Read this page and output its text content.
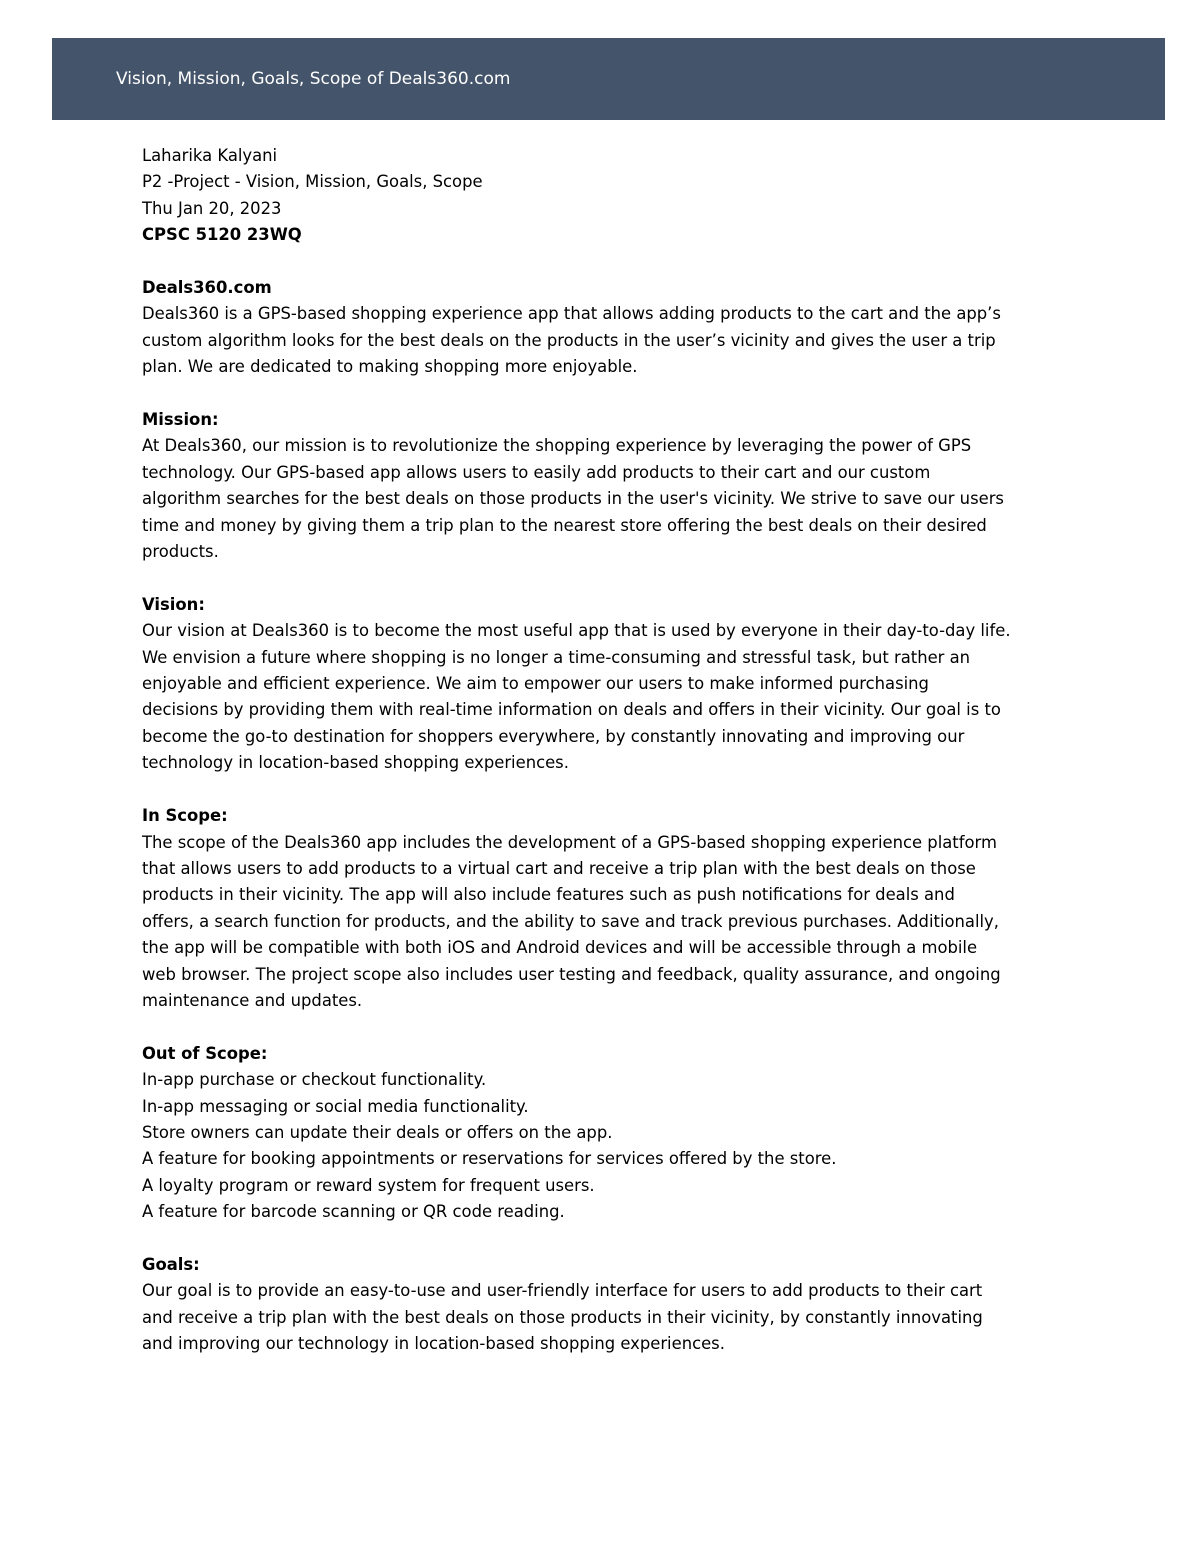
Vision, Mission, Goals, Scope of Deals360.com
Laharika Kalyani
P2 -Project - Vision, Mission, Goals, Scope
Thu Jan 20, 2023
CPSC 5120 23WQ
Deals360.com

Deals360 is a GPS-based shopping experience app that allows adding products to the cart and the app’s
custom algorithm looks for the best deals on the products in the user’s vicinity and gives the user a trip
plan. We are dedicated to making shopping more enjoyable.

Mission:

At Deals360, our mission is to revolutionize the shopping experience by leveraging the power of GPS
technology. Our GPS-based app allows users to easily add products to their cart and our custom
algorithm searches for the best deals on those products in the user's vicinity. We strive to save our users
time and money by giving them a trip plan to the nearest store offering the best deals on their desired
products.

Vision:

Our vision at Deals360 is to become the most useful app that is used by everyone in their day-to-day life.
We envision a future where shopping is no longer a time-consuming and stressful task, but rather an
enjoyable and efficient experience. We aim to empower our users to make informed purchasing
decisions by providing them with real-time information on deals and offers in their vicinity. Our goal is to
become the go-to destination for shoppers everywhere, by constantly innovating and improving our
technology in location-based shopping experiences.

In Scope:

The scope of the Deals360 app includes the development of a GPS-based shopping experience platform
that allows users to add products to a virtual cart and receive a trip plan with the best deals on those
products in their vicinity. The app will also include features such as push notifications for deals and
offers, a search function for products, and the ability to save and track previous purchases. Additionally,
the app will be compatible with both iOS and Android devices and will be accessible through a mobile
web browser. The project scope also includes user testing and feedback, quality assurance, and ongoing
maintenance and updates.

Out of Scope:
In-app purchase or checkout functionality.
In-app messaging or social media functionality.
Store owners can update their deals or offers on the app.
A feature for booking appointments or reservations for services offered by the store.
A loyalty program or reward system for frequent users.
A feature for barcode scanning or QR code reading.
Goals:

Our goal is to provide an easy-to-use and user-friendly interface for users to add products to their cart
and receive a trip plan with the best deals on those products in their vicinity, by constantly innovating
and improving our technology in location-based shopping experiences.
